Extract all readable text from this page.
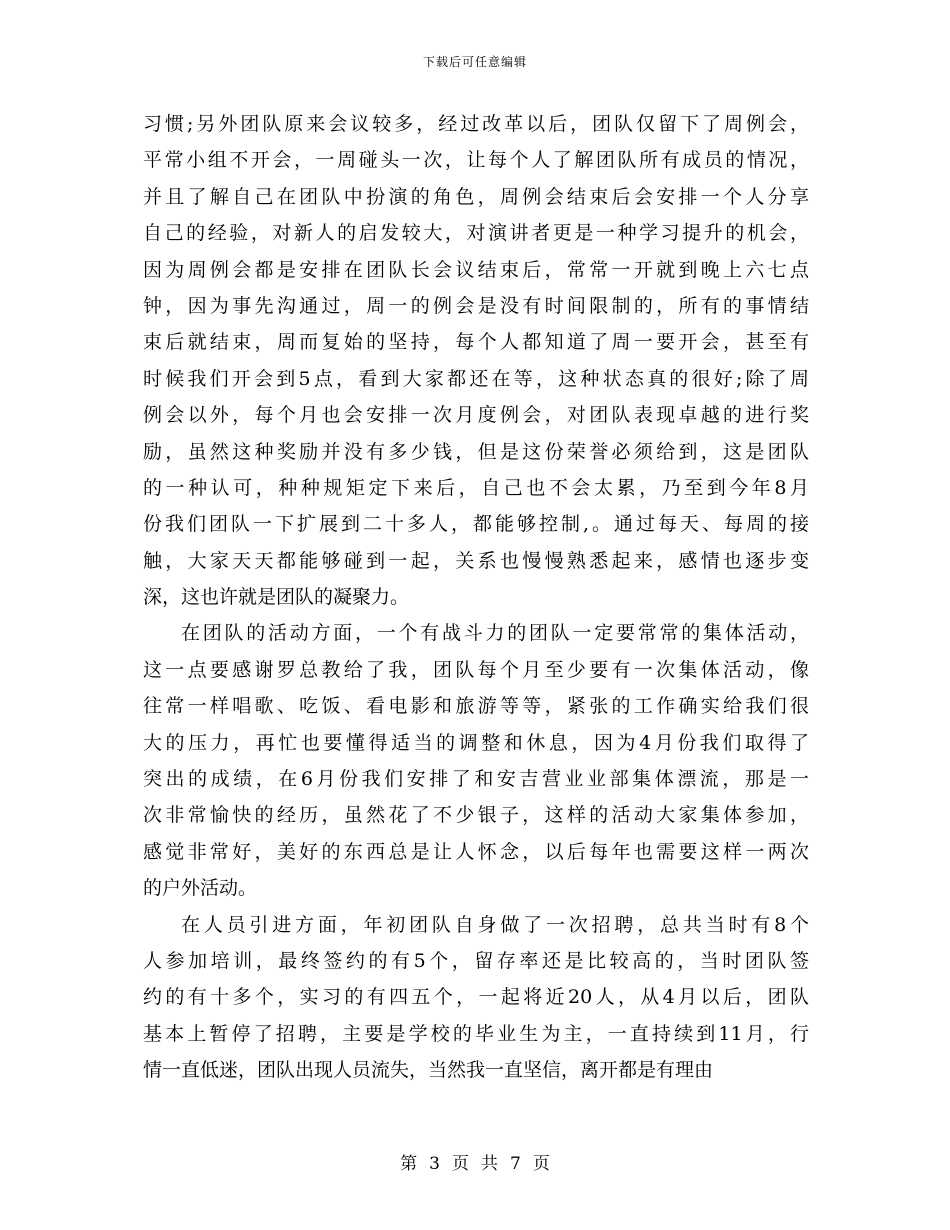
下载后可任意编辑
习惯;另外团队原来会议较多，经过改革以后，团队仅留下了周例会，
平常小组不开会，一周碰头一次，让每个人了解团队所有成员的情况，
并且了解自己在团队中扮演的角色，周例会结束后会安排一个人分享
自己的经验，对新人的启发较大，对演讲者更是一种学习提升的机会，
因为周例会都是安排在团队长会议结束后，常常一开就到晚上六七点
钟，因为事先沟通过，周一的例会是没有时间限制的，所有的事情结
束后就结束，周而复始的坚持，每个人都知道了周一要开会，甚至有
时候我们开会到5点，看到大家都还在等，这种状态真的很好;除了周
例会以外，每个月也会安排一次月度例会，对团队表现卓越的进行奖
励，虽然这种奖励并没有多少钱，但是这份荣誉必须给到，这是团队
的一种认可，种种规矩定下来后，自己也不会太累，乃至到今年8月
份我们团队一下扩展到二十多人，都能够控制,。通过每天、每周的接
触，大家天天都能够碰到一起，关系也慢慢熟悉起来，感情也逐步变
深，这也许就是团队的凝聚力。
在团队的活动方面，一个有战斗力的团队一定要常常的集体活动，
这一点要感谢罗总教给了我，团队每个月至少要有一次集体活动，像
往常一样唱歌、吃饭、看电影和旅游等等，紧张的工作确实给我们很
大的压力，再忙也要懂得适当的调整和休息，因为4月份我们取得了
突出的成绩，在6月份我们安排了和安吉营业业部集体漂流，那是一
次非常愉快的经历，虽然花了不少银子，这样的活动大家集体参加，
感觉非常好，美好的东西总是让人怀念，以后每年也需要这样一两次
的户外活动。
在人员引进方面，年初团队自身做了一次招聘，总共当时有8个
人参加培训，最终签约的有5个，留存率还是比较高的，当时团队签
约的有十多个，实习的有四五个，一起将近20人，从4月以后，团队
基本上暂停了招聘，主要是学校的毕业生为主，一直持续到11月，行
情一直低迷，团队出现人员流失，当然我一直坚信，离开都是有理由
第 3 页 共 7 页
